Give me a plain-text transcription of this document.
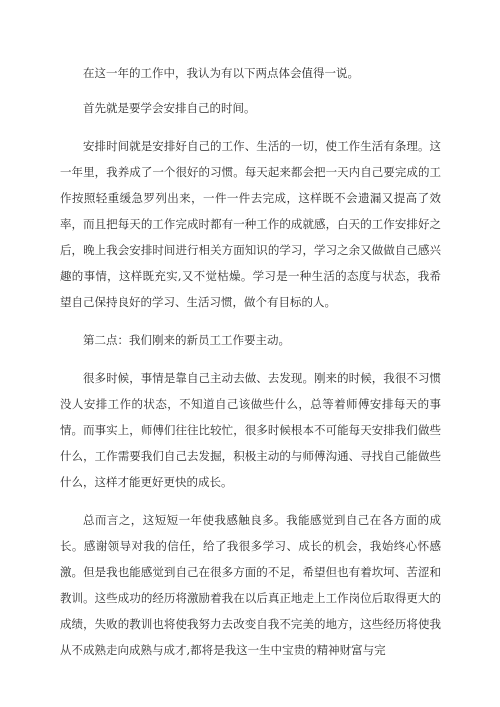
在这一年的工作中，我认为有以下两点体会值得一说。

首先就是要学会安排自己的时间。

安排时间就是安排好自己的工作、生活的一切，使工作生活有条理。这一年里，我养成了一个很好的习惯。每天起来都会把一天内自己要完成的工作按照轻重缓急罗列出来，一件一件去完成，这样既不会遗漏又提高了效率，而且把每天的工作完成时都有一种工作的成就感，白天的工作安排好之后，晚上我会安排时间进行相关方面知识的学习，学习之余又做做自己感兴趣的事情，这样既充实,又不觉枯燥。学习是一种生活的态度与状态，我希望自己保持良好的学习、生活习惯，做个有目标的人。

第二点：我们刚来的新员工工作要主动。

很多时候，事情是靠自己主动去做、去发现。刚来的时候，我很不习惯没人安排工作的状态，不知道自己该做些什么，总等着师傅安排每天的事情。而事实上，师傅们往往比较忙，很多时候根本不可能每天安排我们做些什么，工作需要我们自己去发掘，积极主动的与师傅沟通、寻找自己能做些什么，这样才能更好更快的成长。

总而言之，这短短一年使我感触良多。我能感觉到自己在各方面的成长。感谢领导对我的信任，给了我很多学习、成长的机会，我始终心怀感激。但是我也能感觉到自己在很多方面的不足，希望但也有着坎坷、苦涩和教训。这些成功的经历将激励着我在以后真正地走上工作岗位后取得更大的成绩，失败的教训也将使我努力去改变自我不完美的地方，这些经历将使我从不成熟走向成熟与成才,都将是我这一生中宝贵的精神财富与完
